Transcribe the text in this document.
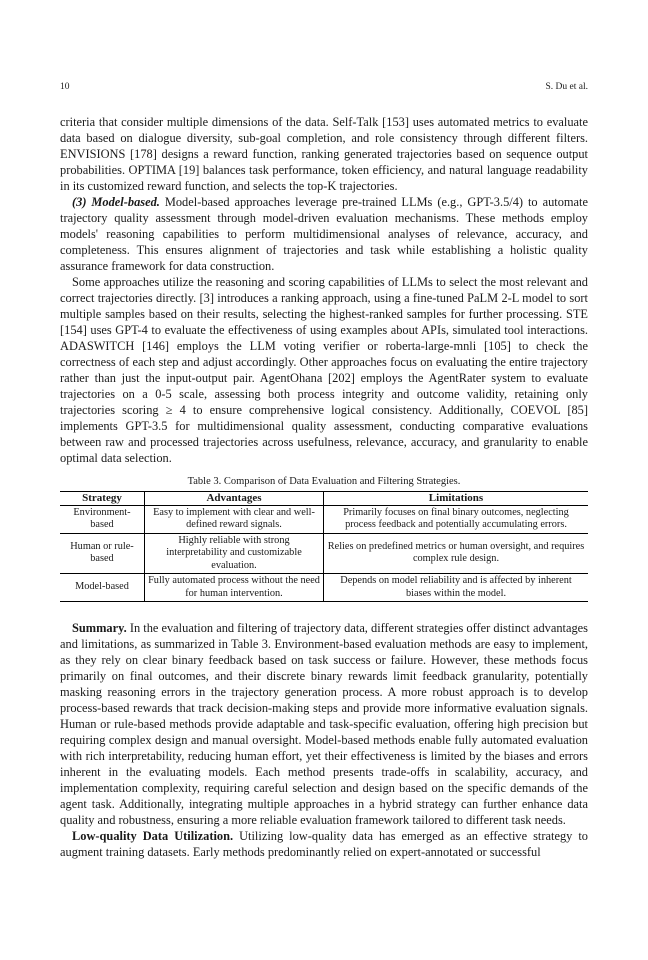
10	S. Du et al.

criteria that consider multiple dimensions of the data. Self-Talk [153] uses automated metrics to evaluate data based on dialogue diversity, sub-goal completion, and role consistency through different filters. ENVISIONS [178] designs a reward function, ranking generated trajectories based on sequence output probabilities. OPTIMA [19] balances task performance, token efficiency, and natural language readability in its customized reward function, and selects the top-K trajectories.

(3) Model-based. Model-based approaches leverage pre-trained LLMs (e.g., GPT-3.5/4) to automate trajectory quality assessment through model-driven evaluation mechanisms. These methods employ models' reasoning capabilities to perform multidimensional analyses of relevance, accuracy, and completeness. This ensures alignment of trajectories and task while establishing a holistic quality assurance framework for data construction.

Some approaches utilize the reasoning and scoring capabilities of LLMs to select the most relevant and correct trajectories directly. [3] introduces a ranking approach, using a fine-tuned PaLM 2-L model to sort multiple samples based on their results, selecting the highest-ranked samples for further processing. STE [154] uses GPT-4 to evaluate the effectiveness of using examples about APIs, simulated tool interactions. ADASWITCH [146] employs the LLM voting verifier or roberta-large-mnli [105] to check the correctness of each step and adjust accordingly. Other approaches focus on evaluating the entire trajectory rather than just the input-output pair. AgentOhana [202] employs the AgentRater system to evaluate trajectories on a 0-5 scale, assessing both process integrity and outcome validity, retaining only trajectories scoring ≥ 4 to ensure comprehensive logical consistency. Additionally, COEVOL [85] implements GPT-3.5 for multidimensional quality assessment, conducting comparative evaluations between raw and processed trajectories across usefulness, relevance, accuracy, and granularity to enable optimal data selection.

Table 3. Comparison of Data Evaluation and Filtering Strategies.
Strategy	Advantages	Limitations
Environment-based	Easy to implement with clear and well-defined reward signals.	Primarily focuses on final binary outcomes, neglecting process feedback and potentially accumulating errors.
Human or rule-based	Highly reliable with strong interpretability and customizable evaluation.	Relies on predefined metrics or human oversight, and requires complex rule design.
Model-based	Fully automated process without the need for human intervention.	Depends on model reliability and is affected by inherent biases within the model.

Summary. In the evaluation and filtering of trajectory data, different strategies offer distinct advantages and limitations, as summarized in Table 3. Environment-based evaluation methods are easy to implement, as they rely on clear binary feedback based on task success or failure. However, these methods focus primarily on final outcomes, and their discrete binary rewards limit feedback granularity, potentially masking reasoning errors in the trajectory generation process. A more robust approach is to develop process-based rewards that track decision-making steps and provide more informative evaluation signals. Human or rule-based methods provide adaptable and task-specific evaluation, offering high precision but requiring complex design and manual oversight. Model-based methods enable fully automated evaluation with rich interpretability, reducing human effort, yet their effectiveness is limited by the biases and errors inherent in the evaluating models. Each method presents trade-offs in scalability, accuracy, and implementation complexity, requiring careful selection and design based on the specific demands of the agent task. Additionally, integrating multiple approaches in a hybrid strategy can further enhance data quality and robustness, ensuring a more reliable evaluation framework tailored to different task needs.

Low-quality Data Utilization. Utilizing low-quality data has emerged as an effective strategy to augment training datasets. Early methods predominantly relied on expert-annotated or successful
